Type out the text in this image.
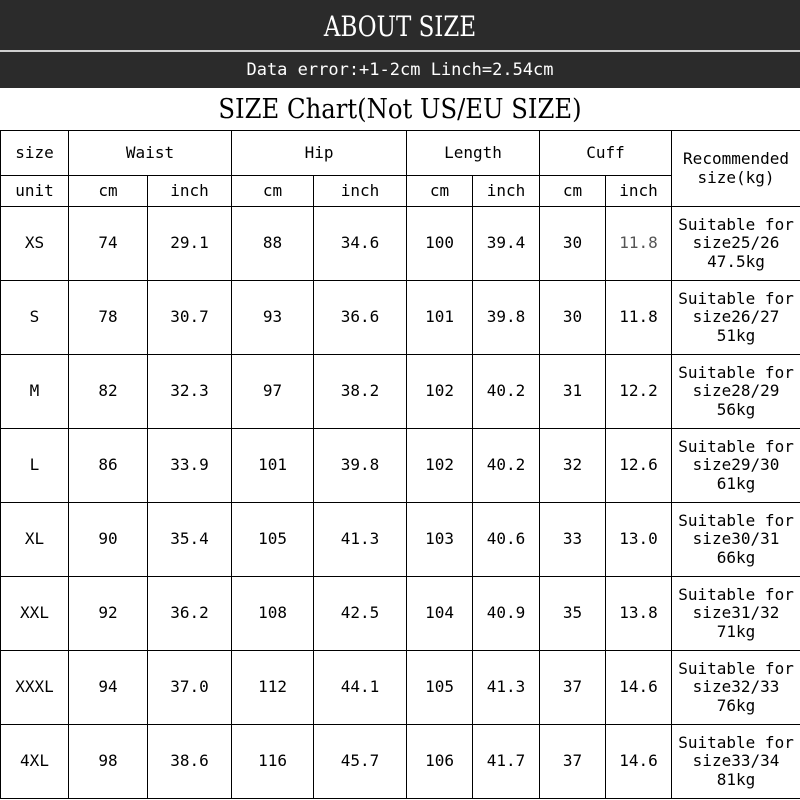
ABOUT SIZE
Data error:+1-2cm Linch=2.54cm
SIZE Chart(Not US/EU SIZE)
size	Waist		Hip		Length		Cuff		Recommended
size(kg)

unit	cm	inch	cm	inch	cm	inch	cm	inch	
XS	74	29.1	88	34.6	100	39.4	30	11.8	Suitable for
size25/26
47.5kg

S	78	30.7	93	36.6	101	39.8	30	11.8	Suitable for
size26/27
51kg

M	82	32.3	97	38.2	102	40.2	31	12.2	Suitable for
size28/29
56kg

L	86	33.9	101	39.8	102	40.2	32	12.6	Suitable for
size29/30
61kg

XL	90	35.4	105	41.3	103	40.6	33	13.0	Suitable for
size30/31
66kg

XXL	92	36.2	108	42.5	104	40.9	35	13.8	Suitable for
size31/32
71kg

XXXL	94	37.0	112	44.1	105	41.3	37	14.6	Suitable for
size32/33
76kg

4XL	98	38.6	116	45.7	106	41.7	37	14.6	Suitable for
size33/34
81kg
